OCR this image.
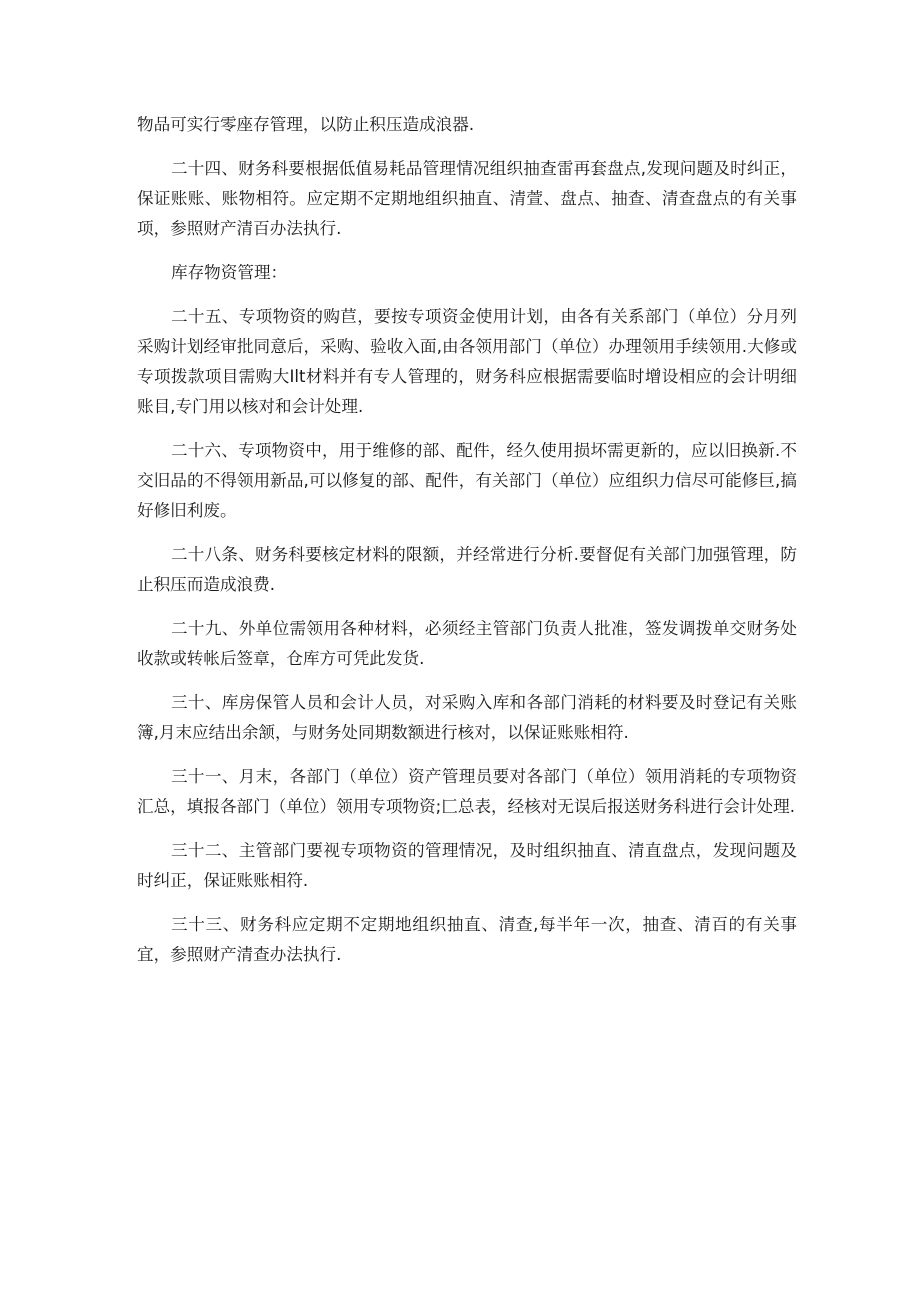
物品可实行零座存管理，以防止积压造成浪器.

二十四、财务科要根据低值易耗品管理情况组织抽查雷再套盘点,发现问题及时纠正，保证账账、账物相符。应定期不定期地组织抽直、清萱、盘点、抽查、清查盘点的有关事项，参照财产清百办法执行.

库存物资管理：

二十五、专项物资的购苣，要按专项资金使用计划，由各有关系部门（单位）分月列采购计划经审批同意后，采购、验收入面,由各领用部门（单位）办理领用手续领用.大修或专项拨款项目需购大Ilt材料并有专人管理的，财务科应根据需要临时增设相应的会计明细账目,专门用以核对和会计处理.

二十六、专项物资中，用于维修的部、配件，经久使用损坏需更新的，应以旧换新.不交旧品的不得领用新品,可以修复的部、配件，有关部门（单位）应组织力信尽可能修巨,搞好修旧利废。

二十八条、财务科要核定材料的限额，并经常进行分析.要督促有关部门加强管理，防止积压而造成浪费.

二十九、外单位需领用各种材料，必须经主管部门负责人批准，签发调拨单交财务处收款或转帐后签章，仓库方可凭此发货.

三十、库房保管人员和会计人员，对采购入库和各部门消耗的材料要及时登记有关账簿,月末应结出余颔，与财务处同期数额进行核对，以保证账账相符.

三十一、月末，各部门（单位）资产管理员要对各部门（单位）领用消耗的专项物资汇总，填报各部门（单位）领用专项物资;匚总表，经核对无误后报送财务科进行会计处理.

三十二、主管部门要视专项物资的管理情况，及时组织抽直、清直盘点，发现问题及时纠正，保证账账相符.

三十三、财务科应定期不定期地组织抽直、清查,每半年一次，抽查、清百的有关事宜，参照财产清查办法执行.
